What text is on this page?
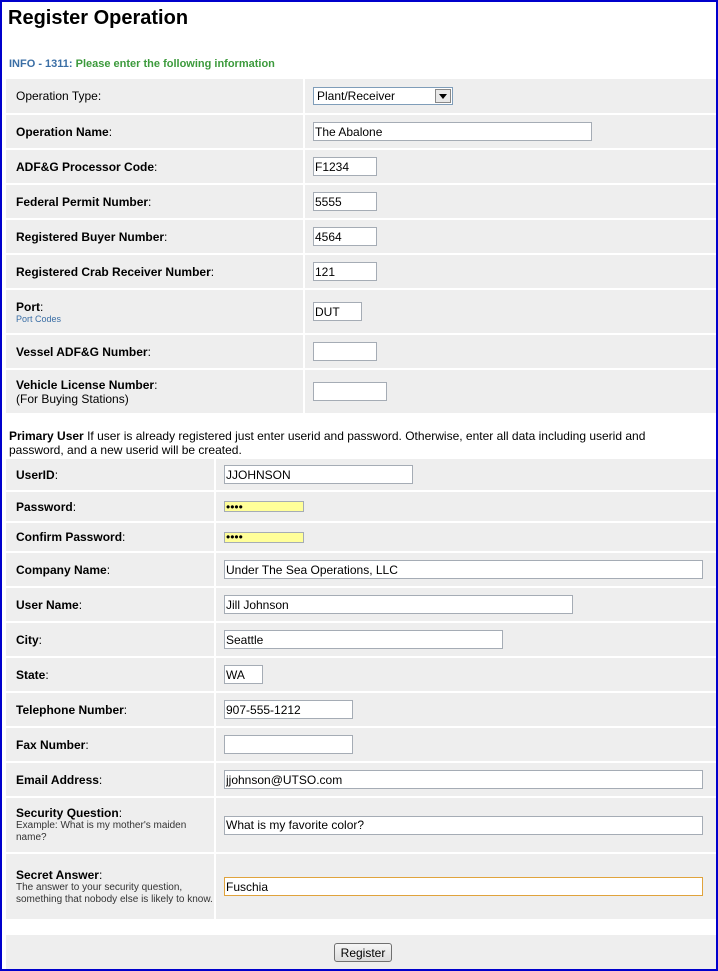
Register Operation
INFO - 1311: Please enter the following information
Operation Type:	Plant/Receiver

Operation Name:	The Abalone
ADF&G Processor Code:	F1234
Federal Permit Number:	5555
Registered Buyer Number:	4564
Registered Crab Receiver Number:	121

Port:
Port Codes
	DUT
Vessel ADF&G Number:	

Vehicle License Number:
(For Buying Stations)

Primary User If user is already registered just enter userid and password. Otherwise, enter all data including userid and password, and a new userid will be created.
UserID:	JJOHNSON
Password:	
Confirm Password:	
Company Name:	Under The Sea Operations, LLC
User Name:	Jill Johnson
City:	Seattle
State:	WA
Telephone Number:	907-555-1212
Fax Number:	
Email Address:	jjohnson@UTSO.com

Security Question:
Example: What is my mother's maiden name?
	What is my favorite color?

Secret Answer:
The answer to your security question, something that nobody else is likely to know.
	Fuschia
Register
